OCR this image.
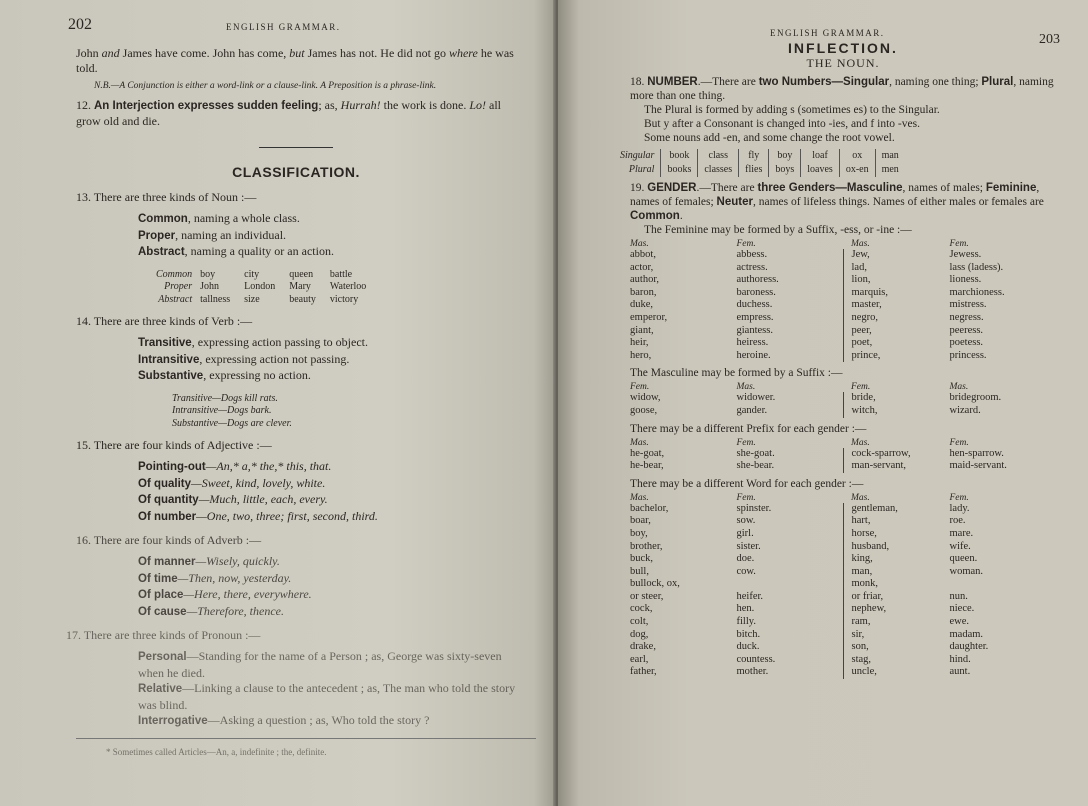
202	ENGLISH GRAMMAR.

John and James have come. John has come, but James has not. He did not go where he was told.

N.B.—A Conjunction is either a word-link or a clause-link. A Preposition is a phrase-link.

12. An Interjection expresses sudden feeling; as, Hurrah! the work is done. Lo! all grow old and die.

CLASSIFICATION.
13. There are three kinds of Noun :—
Common, naming a whole class.
Proper, naming an individual.
Abstract, naming a quality or an action.
Common	boy	city	queen	battle
Proper	John	London	Mary	Waterloo
Abstract	tallness	size	beauty	victory
14. There are three kinds of Verb :—
Transitive, expressing action passing to object.
Intransitive, expressing action not passing.
Substantive, expressing no action.
Transitive—Dogs kill rats.
Intransitive—Dogs bark.
Substantive—Dogs are clever.
15. There are four kinds of Adjective :—
Pointing-out—An,* a,* the,* this, that.
Of quality—Sweet, kind, lovely, white.
Of quantity—Much, little, each, every.
Of number—One, two, three; first, second, third.
16. There are four kinds of Adverb :—
Of manner—Wisely, quickly.
Of time—Then, now, yesterday.
Of place—Here, there, everywhere.
Of cause—Therefore, thence.
17. There are three kinds of Pronoun :—
Personal—Standing for the name of a Person ; as, George was sixty-seven when he died.
Relative—Linking a clause to the antecedent ; as, The man who told the story was blind.
Interrogative—Asking a question ; as, Who told the story ?
* Sometimes called Articles—An, a, indefinite ; the, definite.
ENGLISH GRAMMAR.	203
INFLECTION.
THE NOUN.
18. NUMBER.—There are two Numbers—Singular, naming one thing; Plural, naming more than one thing.
The Plural is formed by adding s (sometimes es) to the Singular.
But y after a Consonant is changed into -ies, and f into -ves.
Some nouns add -en, and some change the root vowel.
Singular	book	class	fly	boy	loaf	ox	man
Plural	books	classes	flies	boys	loaves	ox-en	men
19. GENDER.—There are three Genders—Masculine, names of males; Feminine, names of females; Neuter, names of lifeless things. Names of either males or females are Common.
The Feminine may be formed by a Suffix, -ess, or -ine :—
Mas.	Fem.	Mas.	Fem.
abbot,	abbess.	Jew,	Jewess.
actor,	actress.	lad,	lass (ladess).
author,	authoress.	lion,	lioness.
baron,	baroness.	marquis,	marchioness.
duke,	duchess.	master,	mistress.
emperor,	empress.	negro,	negress.
giant,	giantess.	peer,	peeress.
heir,	heiress.	poet,	poetess.
hero,	heroine.	prince,	princess.
The Masculine may be formed by a Suffix :—
Fem.	Mas.	Fem.	Mas.
widow,	widower.	bride,	bridegroom.
goose,	gander.	witch,	wizard.
There may be a different Prefix for each gender :—
Mas.	Fem.	Mas.	Fem.
he-goat,	she-goat.	cock-sparrow,	hen-sparrow.
he-bear,	she-bear.	man-servant,	maid-servant.
There may be a different Word for each gender :—
Mas.	Fem.	Mas.	Fem.
bachelor,	spinster.	gentleman,	lady.
boar,	sow.	hart,	roe.
boy,	girl.	horse,	mare.
brother,	sister.	husband,	wife.
buck,	doe.	king,	queen.
bull,	cow.	man,	woman.
bullock, ox,		monk,	
or steer,	heifer.	or friar,	nun.
cock,	hen.	nephew,	niece.
colt,	filly.	ram,	ewe.
dog,	bitch.	sir,	madam.
drake,	duck.	son,	daughter.
earl,	countess.	stag,	hind.
father,	mother.	uncle,	aunt.
